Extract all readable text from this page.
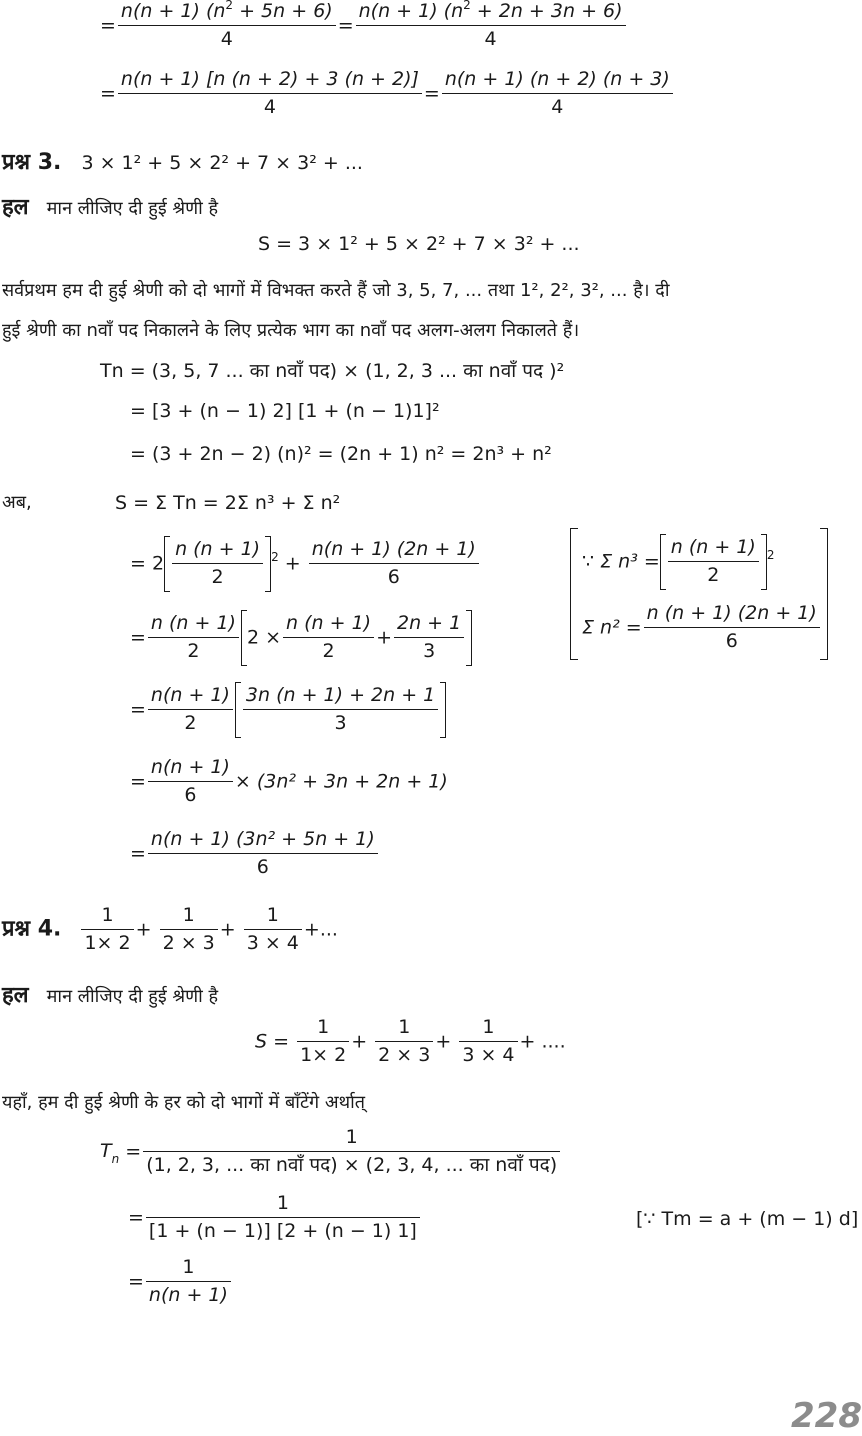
= $\frac{n(n + 1) (n^2 + 5n + 6)}{4} = \frac{n(n + 1) (n^2 + 2n + 3n + 6)}{4}$
= $\frac{n(n + 1) [n (n + 2) + 3 (n + 2)]}{4} = \frac{n(n + 1) (n + 2) (n + 3)}{4}$
प्रश्न 3. 3 × 1² + 5 × 2² + 7 × 3² + ...
हल मान लीजिए दी हुई श्रेणी है
S = 3 × 1² + 5 × 2² + 7 × 3² + ...
सर्वप्रथम हम दी हुई श्रेणी को दो भागों में विभक्त करते हैं जो 3, 5, 7, ... तथा 1², 2², 3², ... है। दी
हुई श्रेणी का nवाँ पद निकालने के लिए प्रत्येक भाग का nवाँ पद अलग-अलग निकालते हैं।
Tn = (3, 5, 7 ... का nवाँ पद) × (1, 2, 3 ... का nवाँ पद )²
= [3 + (n − 1) 2] [1 + (n − 1)1]²
= (3 + 2n − 2) (n)² = (2n + 1) n² = 2n³ + n²
अब,	S = Σ Tn = 2Σ n³ + Σ n²
= $2 \frac{n (n + 1)}{2} ^2 + \frac{n(n + 1) (2n + 1)}{6}$	∵ Σ $n^3 = \frac{n (n + 1)}{2} ^2$
Σ $n^2 = \frac{n (n + 1) (2n + 1)}{6}$
= $\frac{n (n + 1)}{2} 2 \times \frac{n (n + 1)}{2} + \frac{2n + 1}{3}$
= $\frac{n(n + 1)}{2} \frac{3n (n + 1) + 2n + 1}{3}$
= $\frac{n(n + 1)}{6} \times (3n^2 + 3n + 2n + 1)$
= $\frac{\text{n(n + 1) (3n² + 5n + 1)}}{6}$
प्रश्न 4. $\frac{1}{1\times 2} + \frac{1}{2 \times 3} + \frac{1}{3 \times 4}$ +...
हल मान लीजिए दी हुई श्रेणी है
$S = \frac{1}{1\times 2} + \frac{1}{2 \times 3} + \frac{1}{3 \times 4}$ + ....
यहाँ, हम दी हुई श्रेणी के हर को दो भागों में बाँटेंगे अर्थात्
$T_n = \frac{1}{\text{(1, 2, 3, ... का nवाँ पद) × (2, 3, 4, ... का nवाँ पद)}}$
= $\frac{1}{[1 + (n - 1)] [2 + (n - 1) 1]}$	[∵ Tm = a + (m − 1) d]
= $\frac{1}{n(n + 1)}$
228
